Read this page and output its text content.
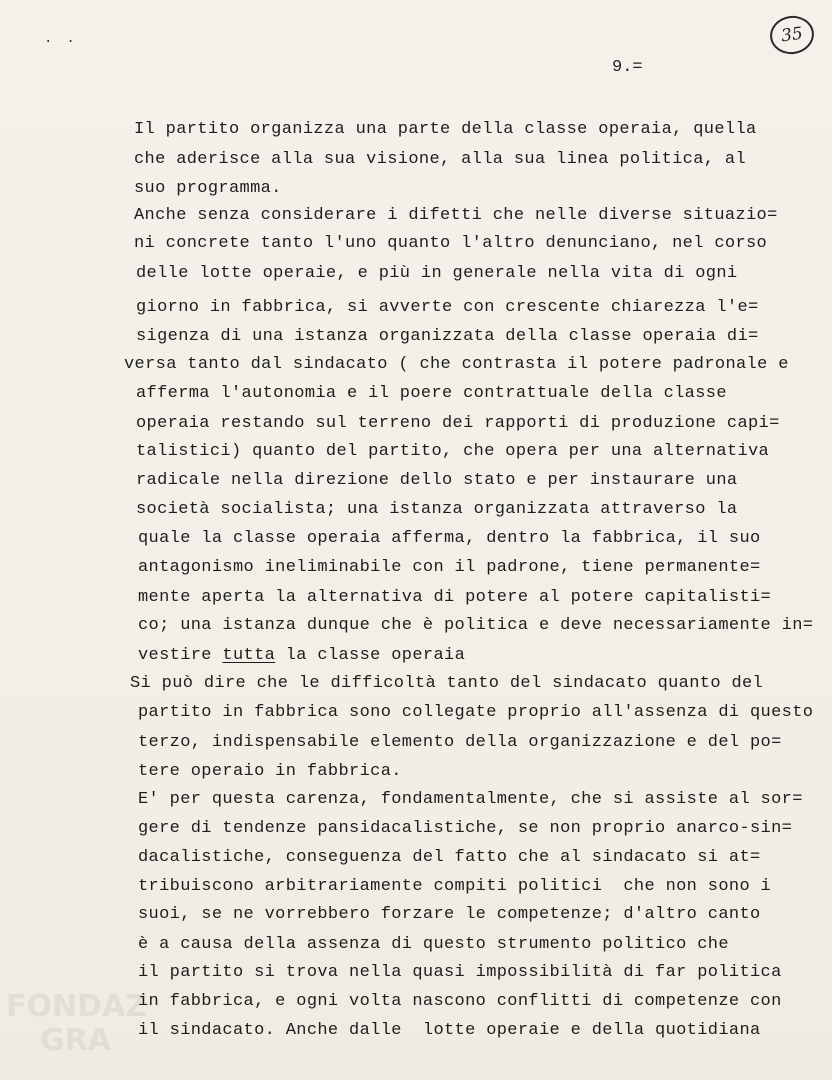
··	35
9.=
FONDAZ
GRA
Il partito organizza una parte della classe operaia, quella
che aderisce alla sua visione, alla sua linea politica, al
suo programma.
Anche senza considerare i difetti che nelle diverse situazio=
ni concrete tanto l'uno quanto l'altro denunciano, nel corso
delle lotte operaie, e più in generale nella vita di ogni
giorno in fabbrica, si avverte con crescente chiarezza l'e=
sigenza di una istanza organizzata della classe operaia di=
versa tanto dal sindacato ( che contrasta il potere padronale e
afferma l'autonomia e il poere contrattuale della classe
operaia restando sul terreno dei rapporti di produzione capi=
talistici) quanto del partito, che opera per una alternativa
radicale nella direzione dello stato e per instaurare una
società socialista; una istanza organizzata attraverso la
quale la classe operaia afferma, dentro la fabbrica, il suo
antagonismo ineliminabile con il padrone, tiene permanente=
mente aperta la alternativa di potere al potere capitalisti=
co; una istanza dunque che è politica e deve necessariamente in=
vestire tutta la classe operaia
Si può dire che le difficoltà tanto del sindacato quanto del
partito in fabbrica sono collegate proprio all'assenza di questo
terzo, indispensabile elemento della organizzazione e del po=
tere operaio in fabbrica.
E' per questa carenza, fondamentalmente, che si assiste al sor=
gere di tendenze pansidacalistiche, se non proprio anarco-sin=
dacalistiche, conseguenza del fatto che al sindacato si at=
tribuiscono arbitrariamente compiti politici  che non sono i
suoi, se ne vorrebbero forzare le competenze; d'altro canto
è a causa della assenza di questo strumento politico che
il partito si trova nella quasi impossibilità di far politica
in fabbrica, e ogni volta nascono conflitti di competenze con
il sindacato. Anche dalle  lotte operaie e della quotidiana
